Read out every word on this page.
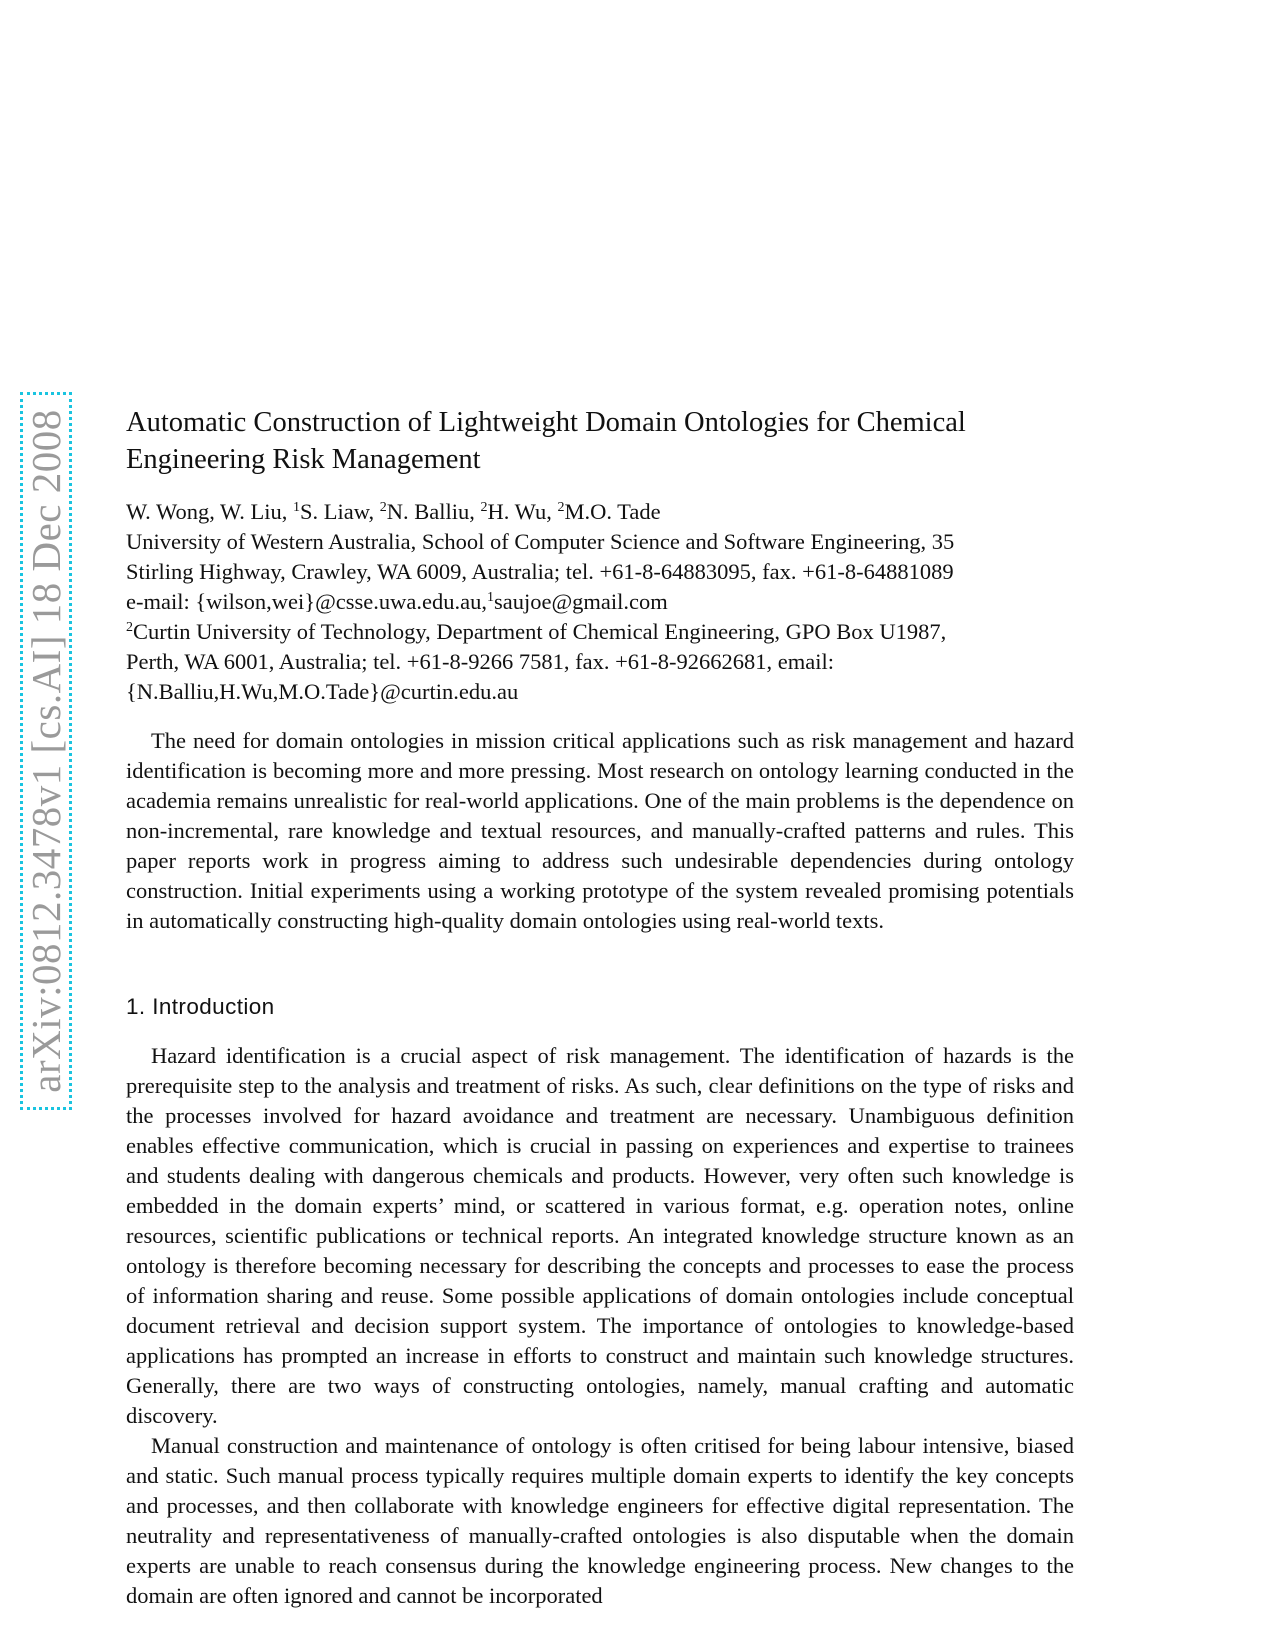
arXiv:0812.3478v1 [cs.AI] 18 Dec 2008 Automatic Construction of Lightweight Domain Ontologies for Chemical
Engineering Risk Management

W. Wong, W. Liu, $^1$S. Liaw, $^2$N. Balliu, $^2$H. Wu, $^2$M.O. Tade

University of Western Australia, School of Computer Science and Software Engineering, 35
Stirling Highway, Crawley, WA 6009, Australia; tel. +61-8-64883095, fax. +61-8-64881089
e-mail: {wilson,wei}@csse.uwa.edu.au,$^1$saujoe@gmail.com
$^2$Curtin University of Technology, Department of Chemical Engineering, GPO Box U1987,
Perth, WA 6001, Australia; tel. +61-8-9266 7581, fax. +61-8-92662681, email:
{N.Balliu,H.Wu,M.O.Tade}@curtin.edu.au

The need for domain ontologies in mission critical applications such as risk management and hazard identification is becoming more and more pressing. Most research on ontology learning conducted in the academia remains unrealistic for real-world applications. One of the main problems is the dependence on non-incremental, rare knowledge and textual resources, and manually-crafted patterns and rules. This paper reports work in progress aiming to address such undesirable dependencies during ontology construction. Initial experiments using a working prototype of the system revealed promising potentials in automatically constructing high-quality domain ontologies using real-world texts.

1. Introduction

Hazard identification is a crucial aspect of risk management. The identification of hazards is the prerequisite step to the analysis and treatment of risks. As such, clear definitions on the type of risks and the processes involved for hazard avoidance and treatment are necessary. Unambiguous definition enables effective communication, which is crucial in passing on experiences and expertise to trainees and students dealing with dangerous chemicals and products. However, very often such knowledge is embedded in the domain experts’ mind, or scattered in various format, e.g. operation notes, online resources, scientific publications or technical reports. An integrated knowledge structure known as an ontology is therefore becoming necessary for describing the concepts and processes to ease the process of information sharing and reuse. Some possible applications of domain ontologies include conceptual document retrieval and decision support system. The importance of ontologies to knowledge-based applications has prompted an increase in efforts to construct and maintain such knowledge structures. Generally, there are two ways of constructing ontologies, namely, manual crafting and automatic discovery.

Manual construction and maintenance of ontology is often critised for being labour intensive, biased and static. Such manual process typically requires multiple domain experts to identify the key concepts and processes, and then collaborate with knowledge engineers for effective digital representation. The neutrality and representativeness of manually-crafted ontologies is also disputable when the domain experts are unable to reach consensus during the knowledge engineering process. New changes to the domain are often ignored and cannot be incorporated
